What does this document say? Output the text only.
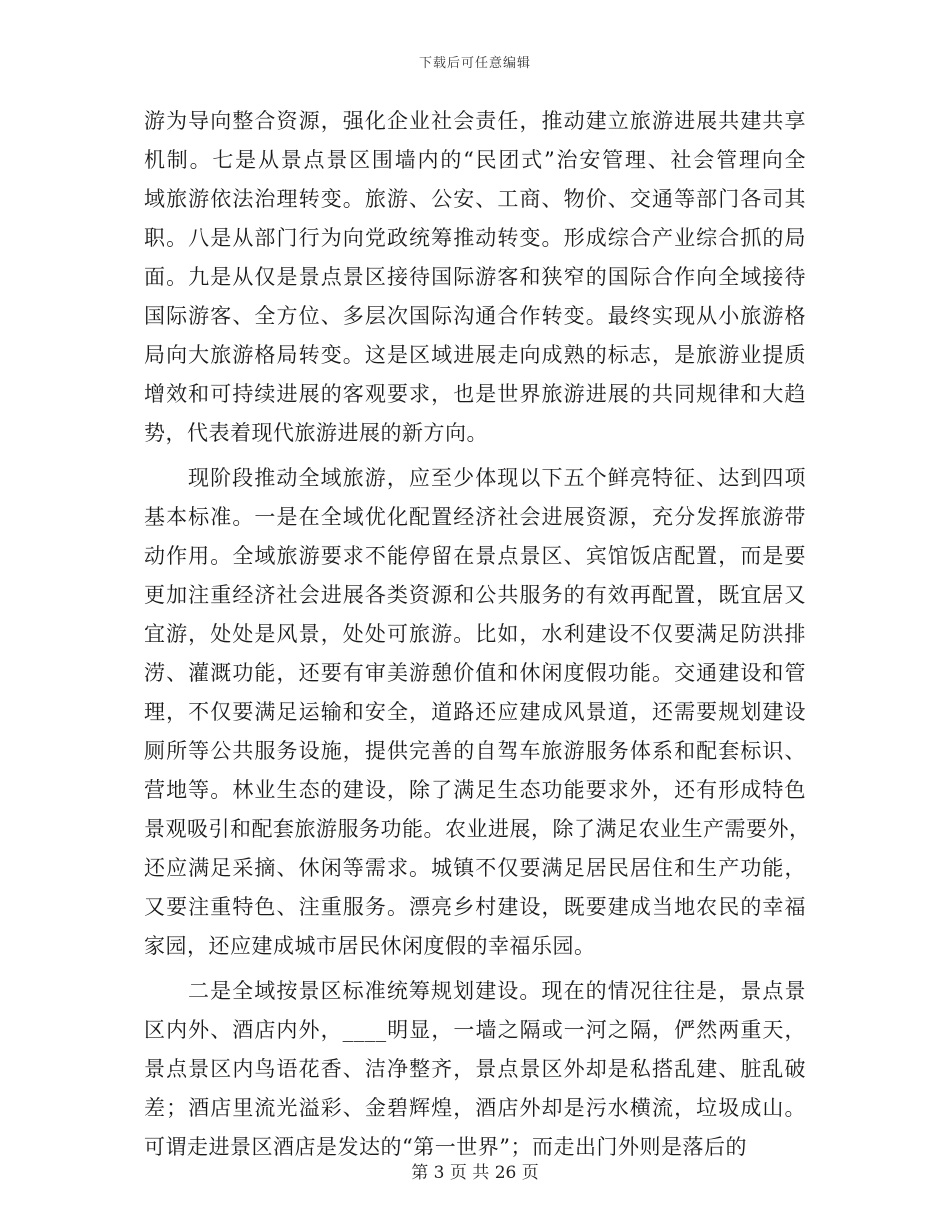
下载后可任意编辑
游为导向整合资源，强化企业社会责任，推动建立旅游进展共建共享
机制。七是从景点景区围墙内的“民团式”治安管理、社会管理向全
域旅游依法治理转变。旅游、公安、工商、物价、交通等部门各司其
职。八是从部门行为向党政统筹推动转变。形成综合产业综合抓的局
面。九是从仅是景点景区接待国际游客和狭窄的国际合作向全域接待
国际游客、全方位、多层次国际沟通合作转变。最终实现从小旅游格
局向大旅游格局转变。这是区域进展走向成熟的标志，是旅游业提质
增效和可持续进展的客观要求，也是世界旅游进展的共同规律和大趋
势，代表着现代旅游进展的新方向。
现阶段推动全域旅游，应至少体现以下五个鲜亮特征、达到四项
基本标准。一是在全域优化配置经济社会进展资源，充分发挥旅游带
动作用。全域旅游要求不能停留在景点景区、宾馆饭店配置，而是要
更加注重经济社会进展各类资源和公共服务的有效再配置，既宜居又
宜游，处处是风景，处处可旅游。比如，水利建设不仅要满足防洪排
涝、灌溉功能，还要有审美游憩价值和休闲度假功能。交通建设和管
理，不仅要满足运输和安全，道路还应建成风景道，还需要规划建设
厕所等公共服务设施，提供完善的自驾车旅游服务体系和配套标识、
营地等。林业生态的建设，除了满足生态功能要求外，还有形成特色
景观吸引和配套旅游服务功能。农业进展，除了满足农业生产需要外，
还应满足采摘、休闲等需求。城镇不仅要满足居民居住和生产功能，
又要注重特色、注重服务。漂亮乡村建设，既要建成当地农民的幸福
家园，还应建成城市居民休闲度假的幸福乐园。
二是全域按景区标准统筹规划建设。现在的情况往往是，景点景
区内外、酒店内外，____明显，一墙之隔或一河之隔，俨然两重天，
景点景区内鸟语花香、洁净整齐，景点景区外却是私搭乱建、脏乱破
差；酒店里流光溢彩、金碧辉煌，酒店外却是污水横流，垃圾成山。
可谓走进景区酒店是发达的“第一世界”；而走出门外则是落后的
第 3 页 共 26 页
